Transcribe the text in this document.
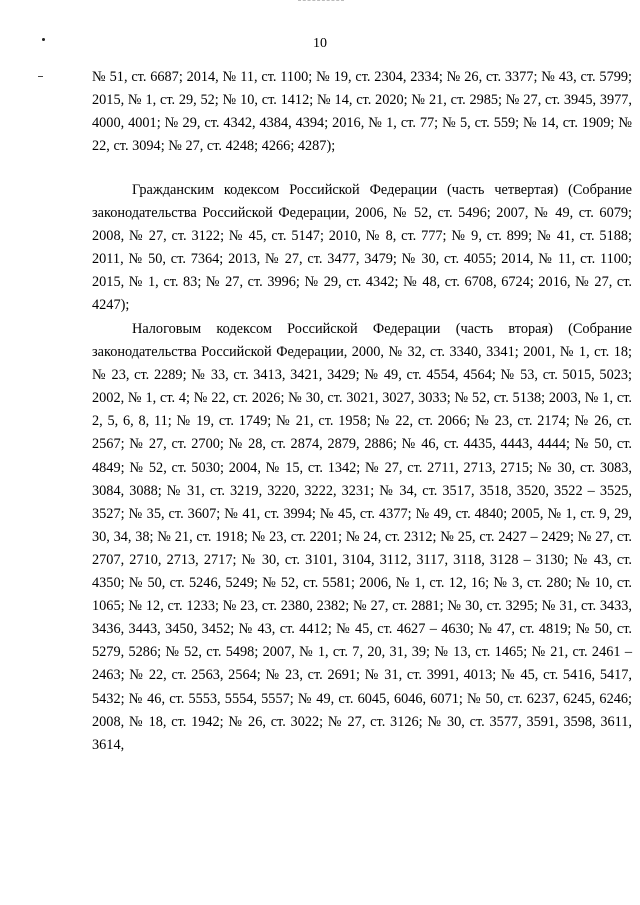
10

№ 51, ст. 6687; 2014, № 11, ст. 1100; № 19, ст. 2304, 2334; № 26, ст. 3377; № 43, ст. 5799; 2015, № 1, ст. 29, 52; № 10, ст. 1412; № 14, ст. 2020; № 21, ст. 2985; № 27, ст. 3945, 3977, 4000, 4001; № 29, ст. 4342, 4384, 4394; 2016, № 1, ст. 77; № 5, ст. 559; № 14, ст. 1909; № 22, ст. 3094; № 27, ст. 4248; 4266; 4287);

Гражданским кодексом Российской Федерации (часть четвертая) (Собрание законодательства Российской Федерации, 2006, № 52, ст. 5496; 2007, № 49, ст. 6079; 2008, № 27, ст. 3122; № 45, ст. 5147; 2010, № 8, ст. 777; № 9, ст. 899; № 41, ст. 5188; 2011, № 50, ст. 7364; 2013, № 27, ст. 3477, 3479; № 30, ст. 4055; 2014, № 11, ст. 1100; 2015, № 1, ст. 83; № 27, ст. 3996; № 29, ст. 4342; № 48, ст. 6708, 6724; 2016, № 27, ст. 4247);

Налоговым кодексом Российской Федерации (часть вторая) (Собрание законодательства Российской Федерации, 2000, № 32, ст. 3340, 3341; 2001, № 1, ст. 18; № 23, ст. 2289; № 33, ст. 3413, 3421, 3429; № 49, ст. 4554, 4564; № 53, ст. 5015, 5023; 2002, № 1, ст. 4; № 22, ст. 2026; № 30, ст. 3021, 3027, 3033; № 52, ст. 5138; 2003, № 1, ст. 2, 5, 6, 8, 11; № 19, ст. 1749; № 21, ст. 1958; № 22, ст. 2066; № 23, ст. 2174; № 26, ст. 2567; № 27, ст. 2700; № 28, ст. 2874, 2879, 2886; № 46, ст. 4435, 4443, 4444; № 50, ст. 4849; № 52, ст. 5030; 2004, № 15, ст. 1342; № 27, ст. 2711, 2713, 2715; № 30, ст. 3083, 3084, 3088; № 31, ст. 3219, 3220, 3222, 3231; № 34, ст. 3517, 3518, 3520, 3522 – 3525, 3527; № 35, ст. 3607; № 41, ст. 3994; № 45, ст. 4377; № 49, ст. 4840; 2005, № 1, ст. 9, 29, 30, 34, 38; № 21, ст. 1918; № 23, ст. 2201; № 24, ст. 2312; № 25, ст. 2427 – 2429; № 27, ст. 2707, 2710, 2713, 2717; № 30, ст. 3101, 3104, 3112, 3117, 3118, 3128 – 3130; № 43, ст. 4350; № 50, ст. 5246, 5249; № 52, ст. 5581; 2006, № 1, ст. 12, 16; № 3, ст. 280; № 10, ст. 1065; № 12, ст. 1233; № 23, ст. 2380, 2382; № 27, ст. 2881; № 30, ст. 3295; № 31, ст. 3433, 3436, 3443, 3450, 3452; № 43, ст. 4412; № 45, ст. 4627 – 4630; № 47, ст. 4819; № 50, ст. 5279, 5286; № 52, ст. 5498; 2007, № 1, ст. 7, 20, 31, 39; № 13, ст. 1465; № 21, ст. 2461 – 2463; № 22, ст. 2563, 2564; № 23, ст. 2691; № 31, ст. 3991, 4013; № 45, ст. 5416, 5417, 5432; № 46, ст. 5553, 5554, 5557; № 49, ст. 6045, 6046, 6071; № 50, ст. 6237, 6245, 6246; 2008, № 18, ст. 1942; № 26, ст. 3022; № 27, ст. 3126; № 30, ст. 3577, 3591, 3598, 3611, 3614,
